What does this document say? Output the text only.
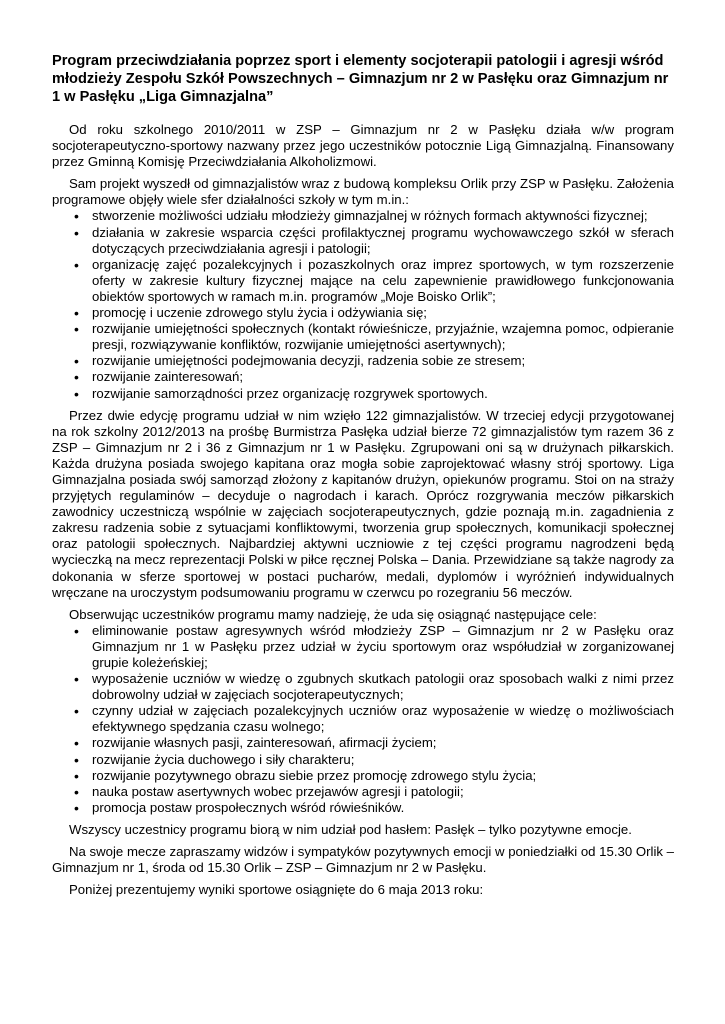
Program przeciwdziałania poprzez sport i elementy socjoterapii patologii i agresji wśród młodzieży Zespołu Szkół Powszechnych – Gimnazjum nr 2 w Pasłęku oraz Gimnazjum nr 1 w Pasłęku „Liga Gimnazjalna”

Od roku szkolnego 2010/2011 w ZSP – Gimnazjum nr 2 w Pasłęku działa w/w program socjoterapeutyczno-sportowy nazwany przez jego uczestników potocznie Ligą Gimnazjalną. Finansowany przez Gminną Komisję Przeciwdziałania Alkoholizmowi.

Sam projekt wyszedł od gimnazjalistów wraz z budową kompleksu Orlik przy ZSP w Pasłęku. Założenia programowe objęły wiele sfer działalności szkoły w tym m.in.:

• stworzenie możliwości udziału młodzieży gimnazjalnej w różnych formach aktywności fizycznej;
• działania w zakresie wsparcia części profilaktycznej programu wychowawczego szkół w sferach dotyczących przeciwdziałania agresji i patologii;
• organizację zajęć pozalekcyjnych i pozaszkolnych oraz imprez sportowych, w tym rozszerzenie oferty w zakresie kultury fizycznej mające na celu zapewnienie prawidłowego funkcjonowania obiektów sportowych w ramach m.in. programów „Moje Boisko Orlik”;
• promocję i uczenie zdrowego stylu życia i odżywiania się;
• rozwijanie umiejętności społecznych (kontakt rówieśnicze, przyjaźnie, wzajemna pomoc, odpieranie presji, rozwiązywanie konfliktów, rozwijanie umiejętności asertywnych);
• rozwijanie umiejętności podejmowania decyzji, radzenia sobie ze stresem;
• rozwijanie zainteresowań;
• rozwijanie samorządności przez organizację rozgrywek sportowych.

Przez dwie edycję programu udział w nim wzięło 122 gimnazjalistów. W trzeciej edycji przygotowanej na rok szkolny 2012/2013 na prośbę Burmistrza Pasłęka udział bierze 72 gimnazjalistów tym razem 36 z ZSP – Gimnazjum nr 2 i 36 z Gimnazjum nr 1 w Pasłęku. Zgrupowani oni są w drużynach piłkarskich. Każda drużyna posiada swojego kapitana oraz mogła sobie zaprojektować własny strój sportowy. Liga Gimnazjalna posiada swój samorząd złożony z kapitanów drużyn, opiekunów programu. Stoi on na straży przyjętych regulaminów – decyduje o nagrodach i karach. Oprócz rozgrywania meczów piłkarskich zawodnicy uczestniczą wspólnie w zajęciach socjoterapeutycznych, gdzie poznają m.in. zagadnienia z zakresu radzenia sobie z sytuacjami konfliktowymi, tworzenia grup społecznych, komunikacji społecznej oraz patologii społecznych. Najbardziej aktywni uczniowie z tej części programu nagrodzeni będą wycieczką na mecz reprezentacji Polski w piłce ręcznej Polska – Dania. Przewidziane są także nagrody za dokonania w sferze sportowej w postaci pucharów, medali, dyplomów i wyróżnień indywidualnych wręczane na uroczystym podsumowaniu programu w czerwcu po rozegraniu 56 meczów.

Obserwując uczestników programu mamy nadzieję, że uda się osiągnąć następujące cele:

• eliminowanie postaw agresywnych wśród młodzieży ZSP – Gimnazjum nr 2 w Pasłęku oraz Gimnazjum nr 1 w Pasłęku przez udział w życiu sportowym oraz współudział w zorganizowanej grupie koleżeńskiej;
• wyposażenie uczniów w wiedzę o zgubnych skutkach patologii oraz sposobach walki z nimi przez dobrowolny udział w zajęciach socjoterapeutycznych;
• czynny udział w zajęciach pozalekcyjnych uczniów oraz wyposażenie w wiedzę o możliwościach efektywnego spędzania czasu wolnego;
• rozwijanie własnych pasji, zainteresowań, afirmacji życiem;
• rozwijanie życia duchowego i siły charakteru;
• rozwijanie pozytywnego obrazu siebie przez promocję zdrowego stylu życia;
• nauka postaw asertywnych wobec przejawów agresji i patologii;
• promocja postaw prospołecznych wśród rówieśników.

Wszyscy uczestnicy programu biorą w nim udział pod hasłem: Pasłęk – tylko pozytywne emocje.

Na swoje mecze zapraszamy widzów i sympatyków pozytywnych emocji w poniedziałki od 15.30 Orlik – Gimnazjum nr 1, środa od 15.30 Orlik – ZSP – Gimnazjum nr 2 w Pasłęku.

Poniżej prezentujemy wyniki sportowe osiągnięte do 6 maja 2013 roku:
